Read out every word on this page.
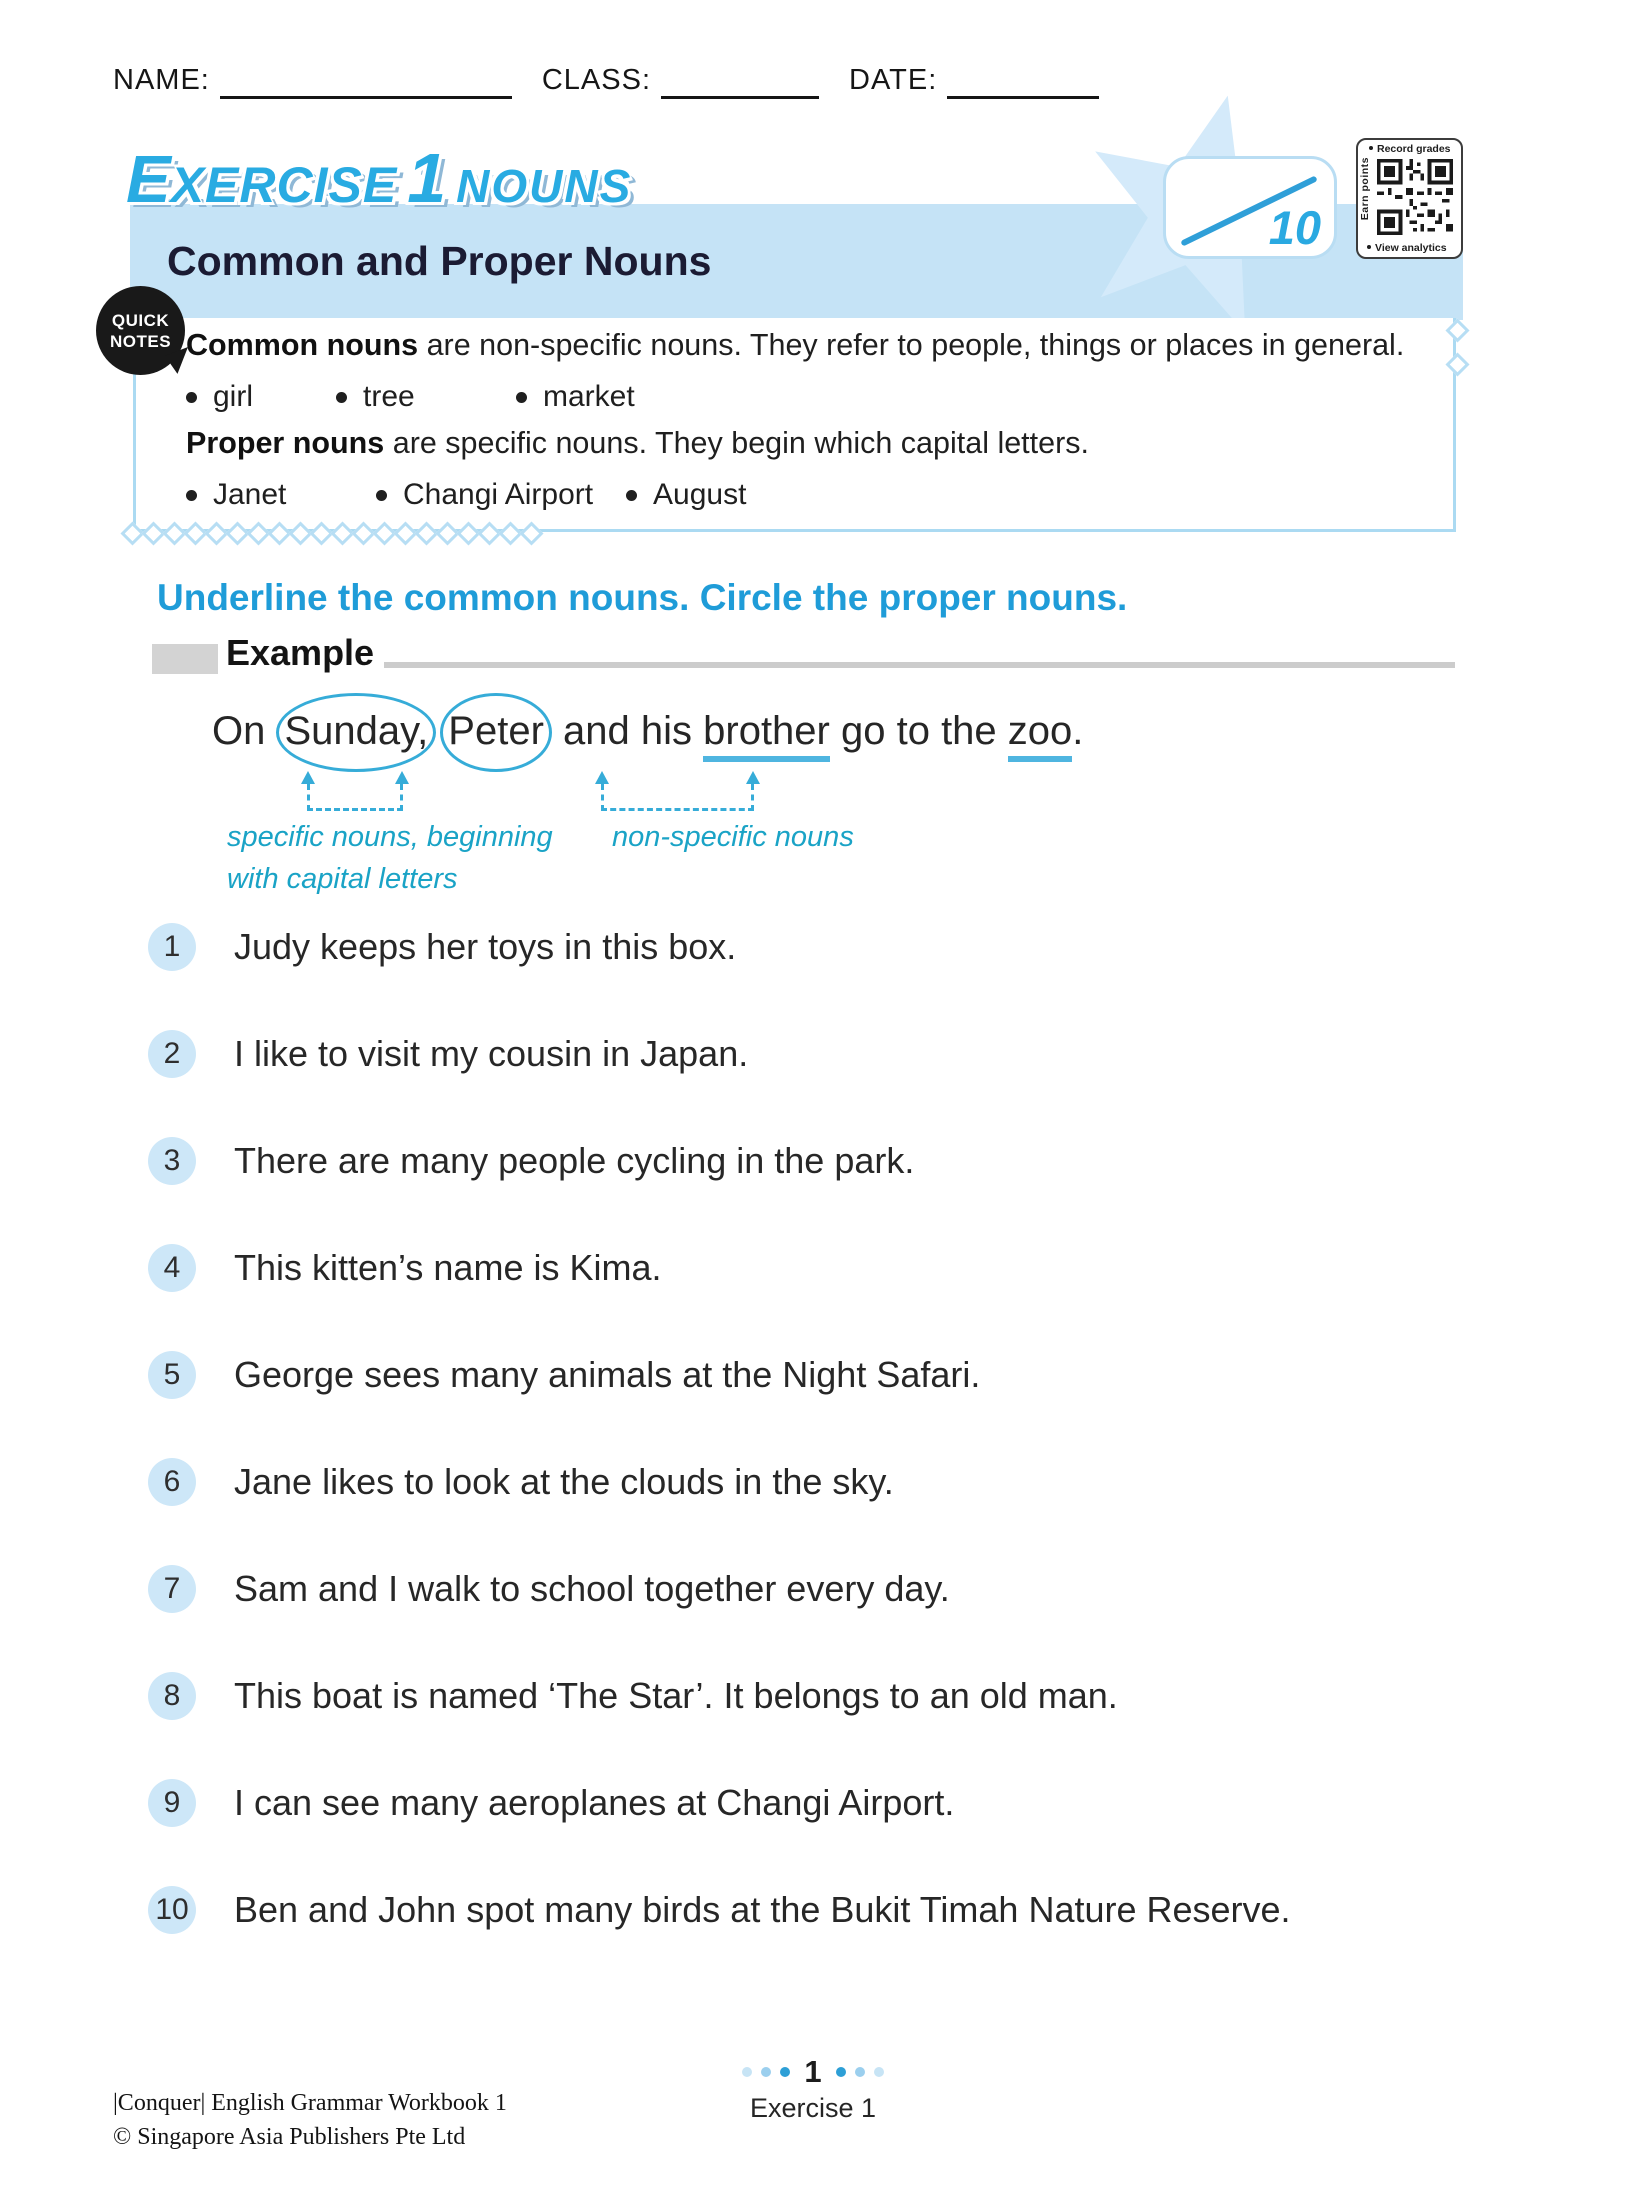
NAME:	CLASS:	DATE:
EXERCISE 1 NOUNS
Common and Proper Nouns
10
Record grades
Earn points
View analytics
QUICK
NOTES Common nouns are non-specific nouns. They refer to people, things or places in general.
girl	tree	market
Proper nouns are specific nouns. They begin which capital letters.
Janet	Changi Airport August
Underline the common nouns. Circle the proper nouns.
Example
On Sunday, Peter and his brother go to the zoo.

specific nouns, beginning
with capital letters
non-specific nouns
1	Judy keeps her toys in this box.
2	I like to visit my cousin in Japan.
3	There are many people cycling in the park.
4	This kitten’s name is Kima.
5	George sees many animals at the Night Safari.
6	Jane likes to look at the clouds in the sky.
7	Sam and I walk to school together every day.
8	This boat is named ‘The Star’. It belongs to an old man.
9	I can see many aeroplanes at Changi Airport.
10 Ben and John spot many birds at the Bukit Timah Nature Reserve.
|Conquer| English Grammar Workbook 1
© Singapore Asia Publishers Pte Ltd
1
Exercise 1
